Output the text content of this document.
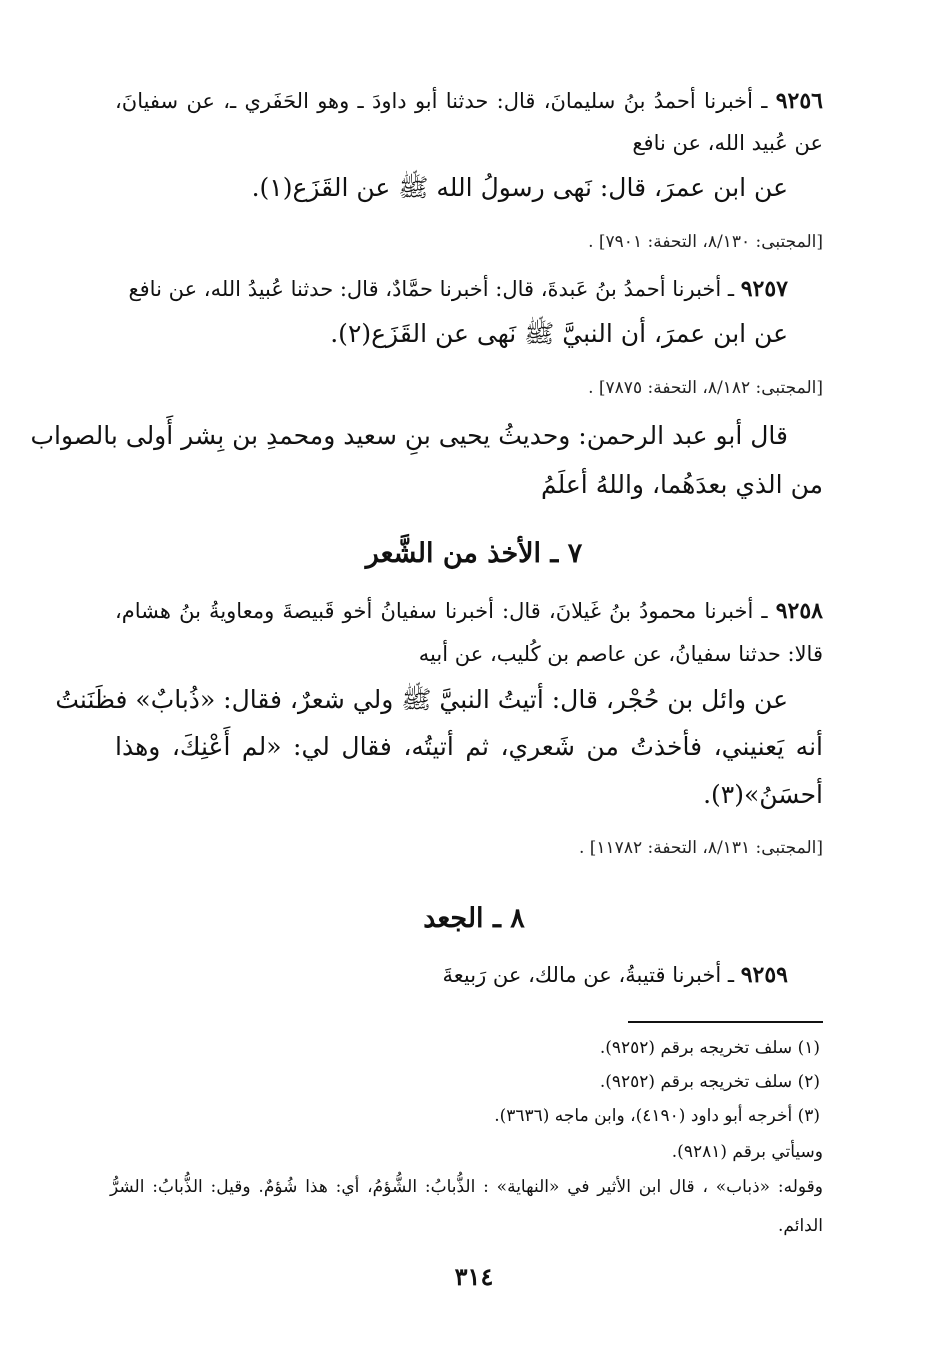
٩٢٥٦ ـ أخبرنا أحمدُ بنُ سليمانَ، قال: حدثنا أبو داودَ ـ وهو الحَفَري ـ، عن سفيانَ،
عن عُبيد الله، عن نافع
عن ابن عمرَ، قال: نَهى رسولُ الله ﷺ عن القَزَع(١).
[المجتبى: ٨/١٣٠، التحفة: ٧٩٠١] .
٩٢٥٧ ـ أخبرنا أحمدُ بنُ عَبدةَ، قال: أخبرنا حمَّادٌ، قال: حدثنا عُبيدُ الله، عن نافع
عن ابن عمرَ، أن النبيَّ ﷺ نَهى عن القَزَع(٢).
[المجتبى: ٨/١٨٢، التحفة: ٧٨٧٥] .
قال أبو عبد الرحمن: وحديثُ يحيى بنِ سعيد ومحمدِ بن بِشر أَولى بالصواب
من الذي بعدَهُما، واللهُ أعلَمُ
٧ ـ الأخذ من الشَّعر
٩٢٥٨ ـ أخبرنا محمودُ بنُ غَيلانَ، قال: أخبرنا سفيانُ أخو قَبيصةَ ومعاويةُ بنُ هشام،
قالا: حدثنا سفيانُ، عن عاصم بن كُليب، عن أبيه
عن وائل بن حُجْر، قال: أتيتُ النبيَّ ﷺ ولي شعرٌ، فقال: «ذُبابٌ» فظَنَنتُ
أنه يَعنيني، فأخذتُ من شَعري، ثم أتيتُه، فقال لي: «لم أَعْنِكَ، وهذا
أحسَنُ»(٣).
[المجتبى: ٨/١٣١، التحفة: ١١٧٨٢] .
٨ ـ الجعد
٩٢٥٩ ـ أخبرنا قتيبةُ، عن مالك، عن رَبيعةَ
(١) سلف تخريجه برقم (٩٢٥٢).
(٢) سلف تخريجه برقم (٩٢٥٢).
(٣) أخرجه أبو داود (٤١٩٠)، وابن ماجه (٣٦٣٦).
وسيأتي برقم (٩٢٨١).
وقوله: «ذباب» ، قال ابن الأثير في «النهاية» : الذُّبابُ: الشُّؤمُ، أي: هذا شُؤمٌ. وقيل: الذُّبابُ: الشرُّ
الدائم.
٣١٤
